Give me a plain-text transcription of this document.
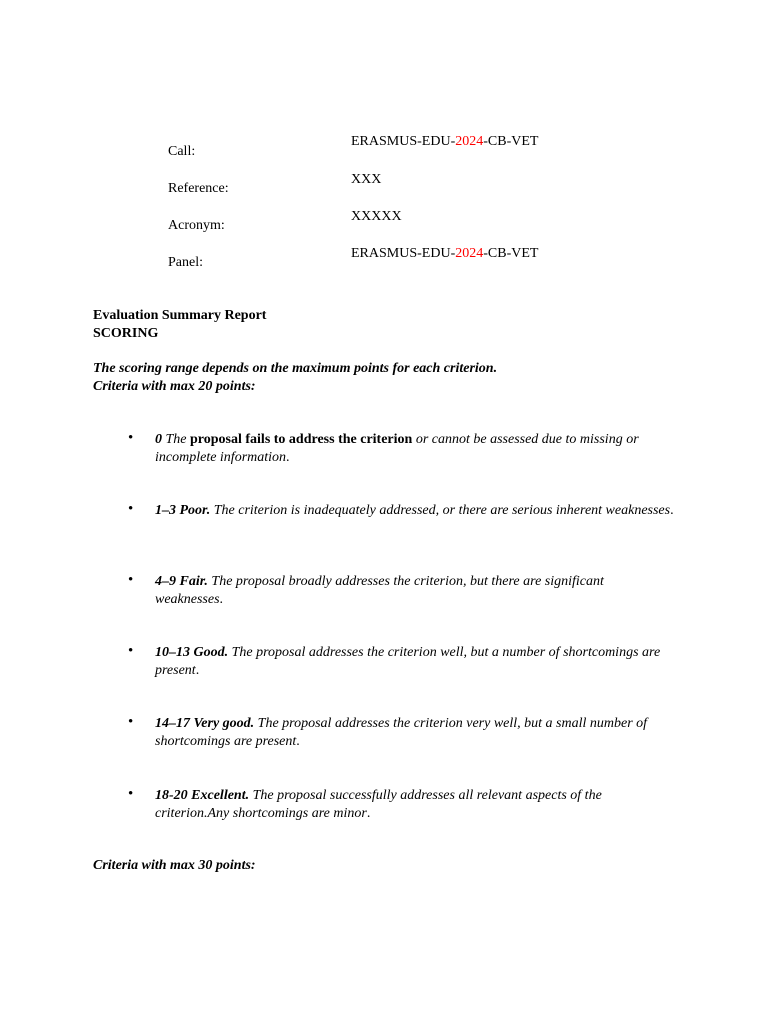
Call:
ERASMUS-EDU-2024-CB-VET
Reference:
XXX
Acronym:
XXXXX
Panel:
ERASMUS-EDU-2024-CB-VET
Evaluation Summary Report
SCORING
The scoring range depends on the maximum points for each criterion.
Criteria with max 20 points:
• 0 The proposal fails to address the criterion or cannot be assessed due to missing or incomplete information.
• 1–3 Poor. The criterion is inadequately addressed, or there are serious inherent weaknesses.
• 4–9 Fair. The proposal broadly addresses the criterion, but there are significant weaknesses.
• 10–13 Good. The proposal addresses the criterion well, but a number of shortcomings are present.
• 14–17 Very good. The proposal addresses the criterion very well, but a small number of shortcomings are present.
• 18-20 Excellent. The proposal successfully addresses all relevant aspects of the criterion.Any shortcomings are minor.
Criteria with max 30 points:
